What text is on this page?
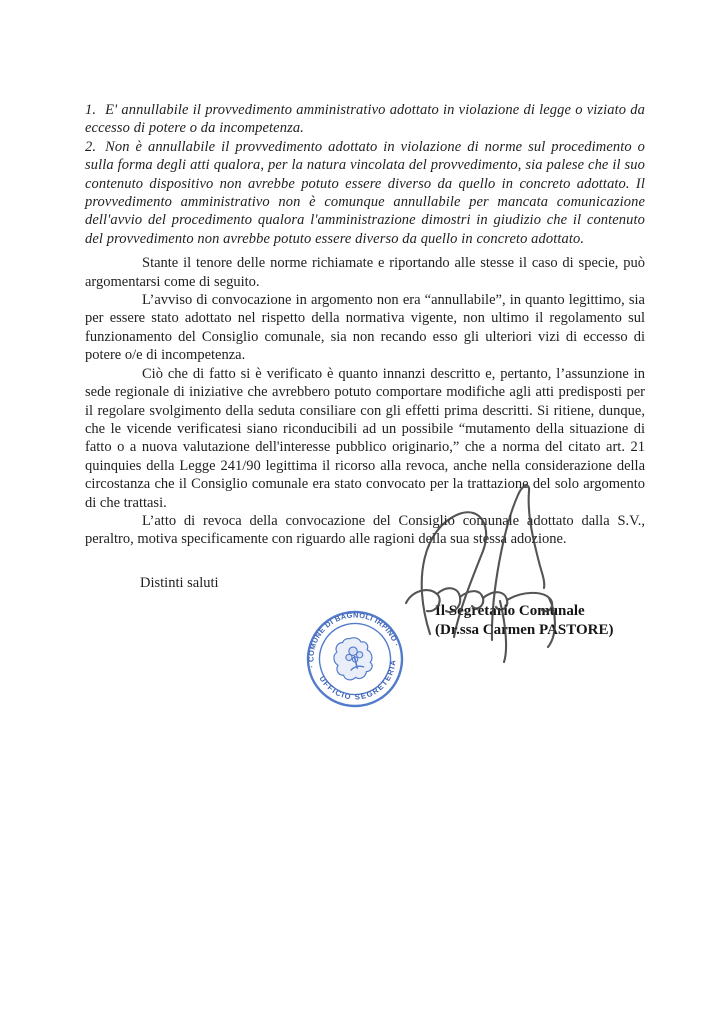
1. E' annullabile il provvedimento amministrativo adottato in violazione di legge o viziato da eccesso di potere o da incompetenza.

2. Non è annullabile il provvedimento adottato in violazione di norme sul procedimento o sulla forma degli atti qualora, per la natura vincolata del provvedimento, sia palese che il suo contenuto dispositivo non avrebbe potuto essere diverso da quello in concreto adottato. Il provvedimento amministrativo non è comunque annullabile per mancata comunicazione dell'avvio del procedimento qualora l'amministrazione dimostri in giudizio che il contenuto del provvedimento non avrebbe potuto essere diverso da quello in concreto adottato.

Stante il tenore delle norme richiamate e riportando alle stesse il caso di specie, può argomentarsi come di seguito.

L’avviso di convocazione in argomento non era “annullabile”, in quanto legittimo, sia per essere stato adottato nel rispetto della normativa vigente, non ultimo il regolamento sul funzionamento del Consiglio comunale, sia non recando esso gli ulteriori vizi di eccesso di potere o/e di incompetenza.

Ciò che di fatto si è verificato è quanto innanzi descritto e, pertanto, l’assunzione in sede regionale di iniziative che avrebbero potuto comportare modifiche agli atti predisposti per il regolare svolgimento della seduta consiliare con gli effetti prima descritti. Si ritiene, dunque, che le vicende verificatesi siano riconducibili ad un possibile “mutamento della situazione di fatto o a nuova valutazione dell'interesse pubblico originario,” che a norma del citato art. 21 quinquies della Legge 241/90 legittima il ricorso alla revoca, anche nella considerazione della circostanza che il Consiglio comunale era stato convocato per la trattazione del solo argomento di che trattasi.

L’atto di revoca della convocazione del Consiglio comunale adottato dalla S.V., peraltro, motiva specificamente con riguardo alle ragioni della sua stessa adozione.

Distinti saluti

Il Segretario Comunale
(Dr.ssa Carmen PASTORE)
· COMUNE DI BAGNOLI IRPINO ·
UFFICIO SEGRETERIA
